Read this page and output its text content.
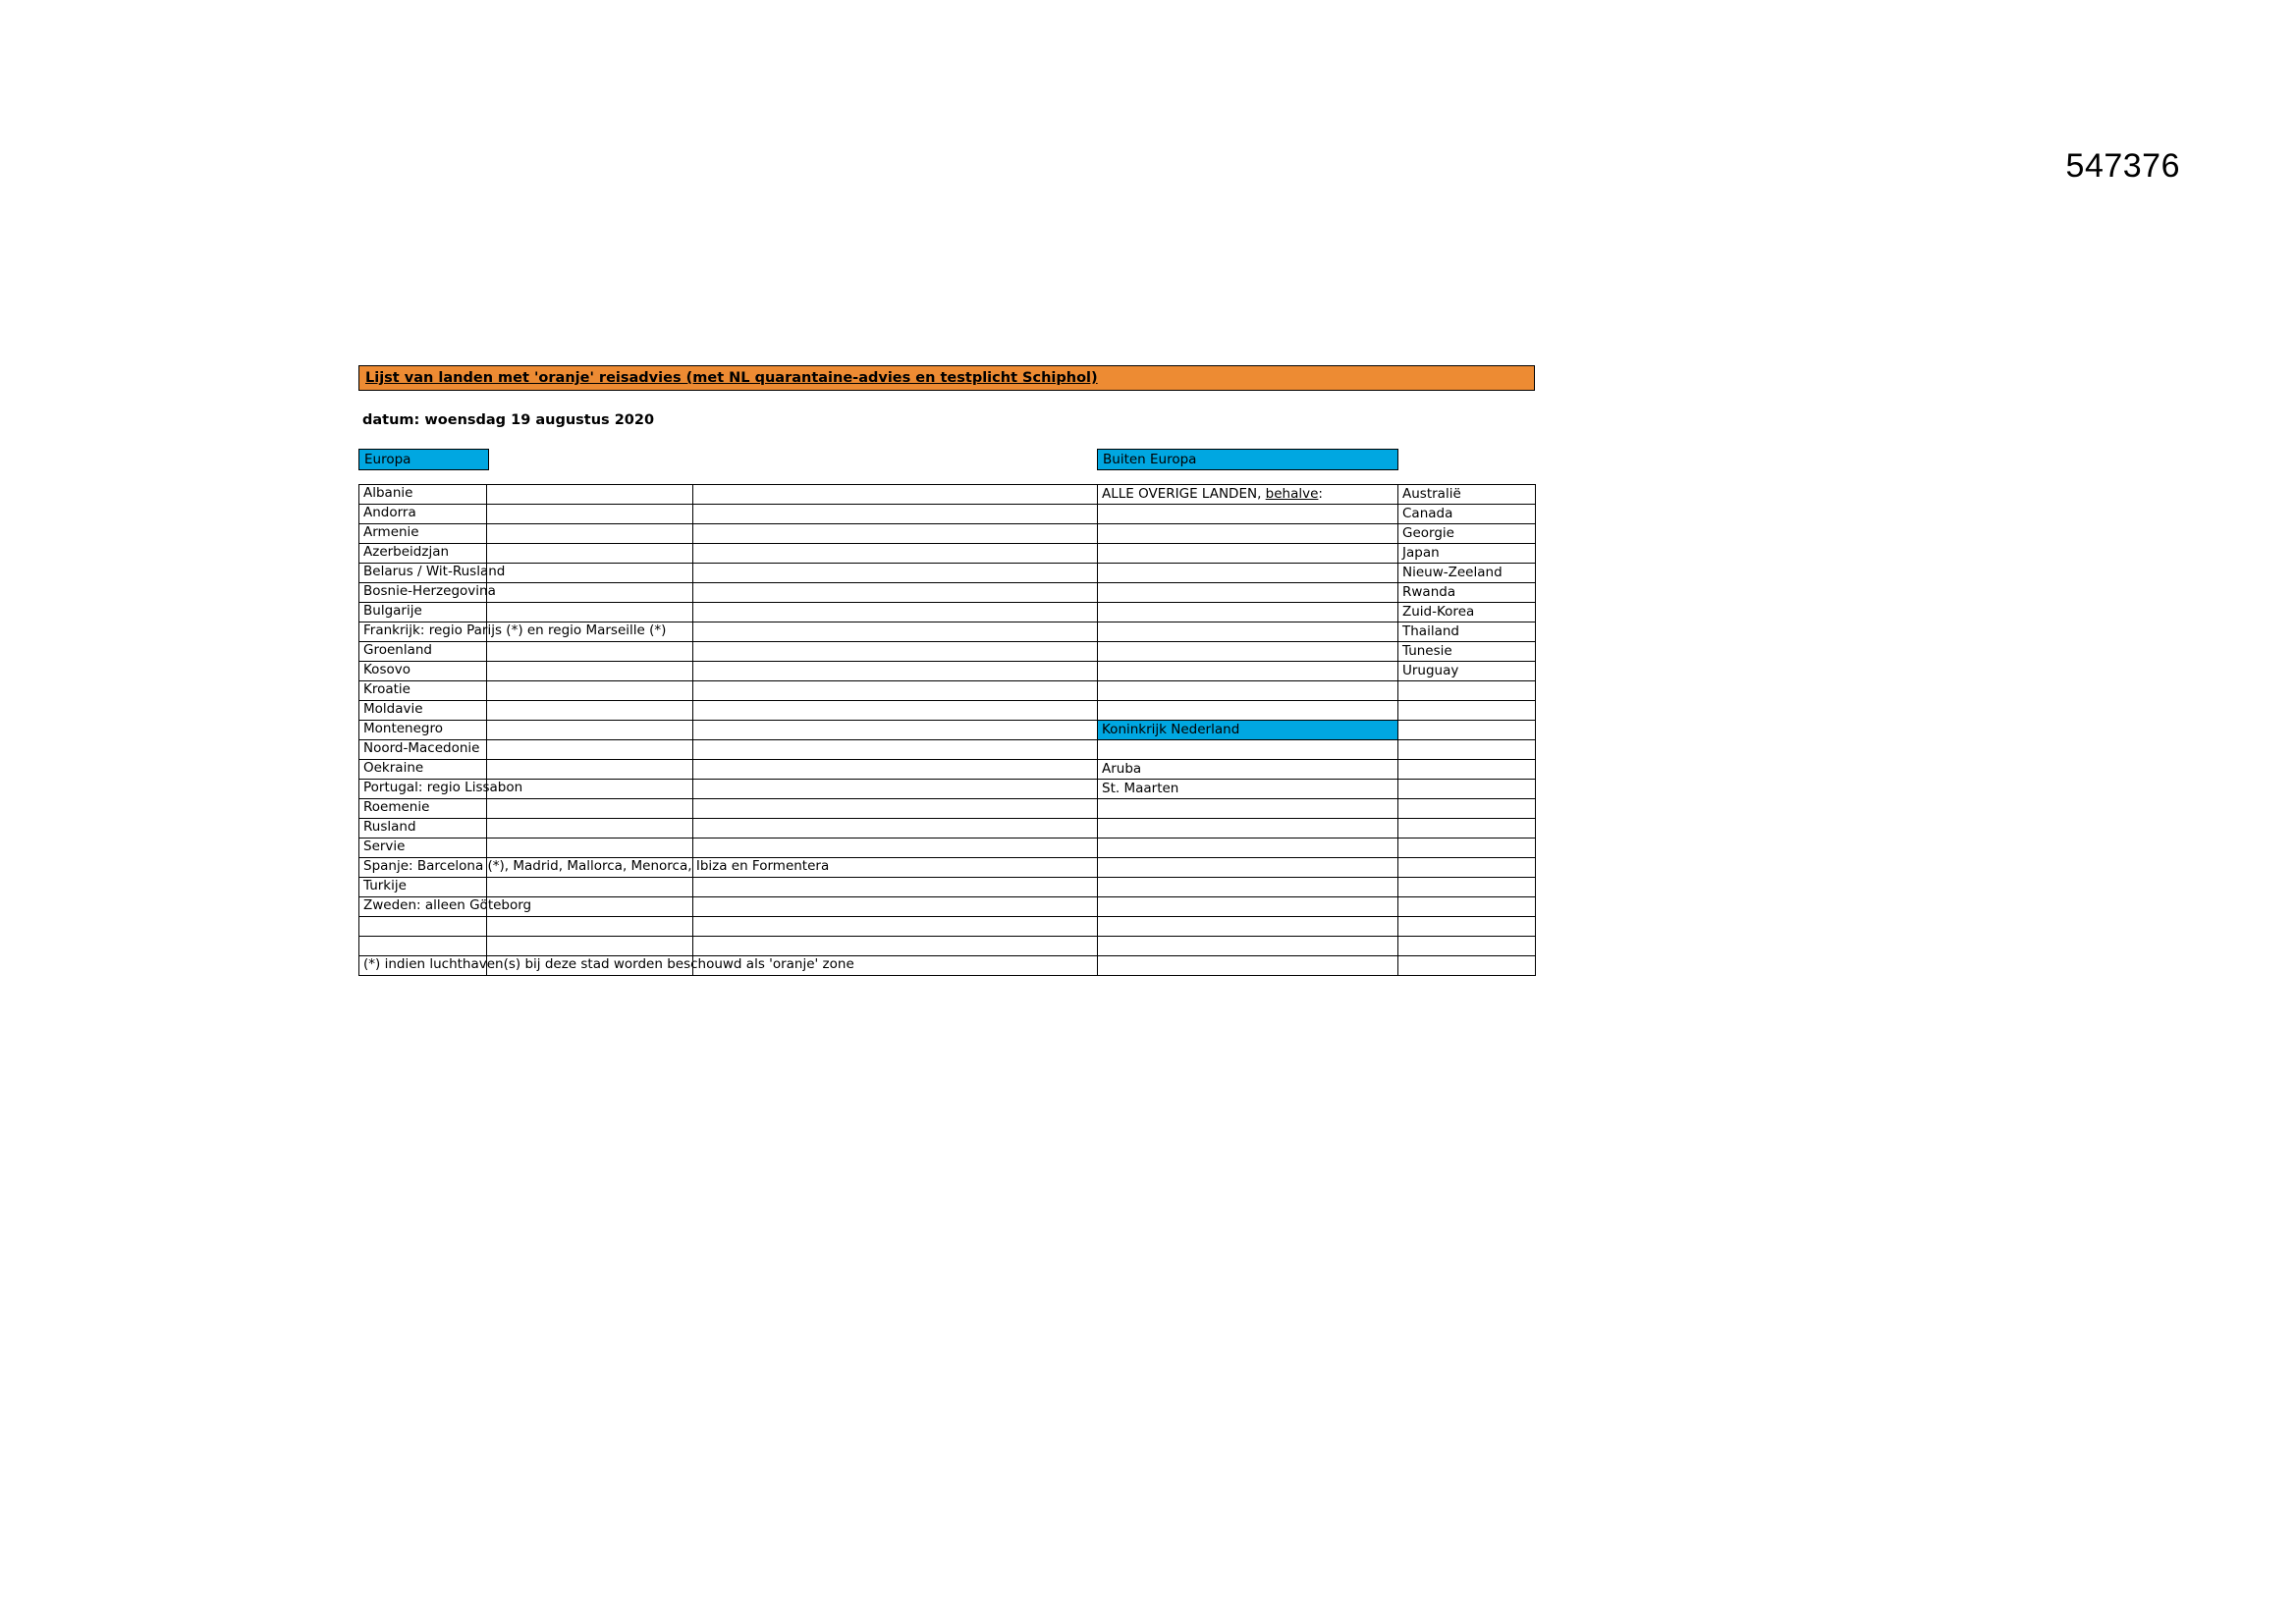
547376
Lijst van landen met 'oranje' reisadvies (met NL quarantaine-advies en testplicht Schiphol)
datum: woensdag 19 augustus 2020
Europa	Buiten Europa
Albanie			ALLE OVERIGE LANDEN, behalve:	Australië

Andorra				Canada

Armenie				Georgie

Azerbeidzjan				Japan

Belarus / Wit-Rusland				Nieuw-Zeeland

Bosnie-Herzegovina				Rwanda

Bulgarije				Zuid-Korea

Frankrijk: regio Parijs (*) en regio Marseille (*)				Thailand

Groenland				Tunesie

Kosovo				Uruguay

Kroatie				

Moldavie				

Montenegro			Koninkrijk Nederland	

Noord-Macedonie				

Oekraine			Aruba	

Portugal: regio Lissabon			St. Maarten	

Roemenie				

Rusland				

Servie				

Spanje: Barcelona (*), Madrid, Mallorca, Menorca, Ibiza en Formentera				

Turkije				

Zweden: alleen Göteborg				

(*) indien luchthaven(s) bij deze stad worden beschouwd als 'oranje' zone				
